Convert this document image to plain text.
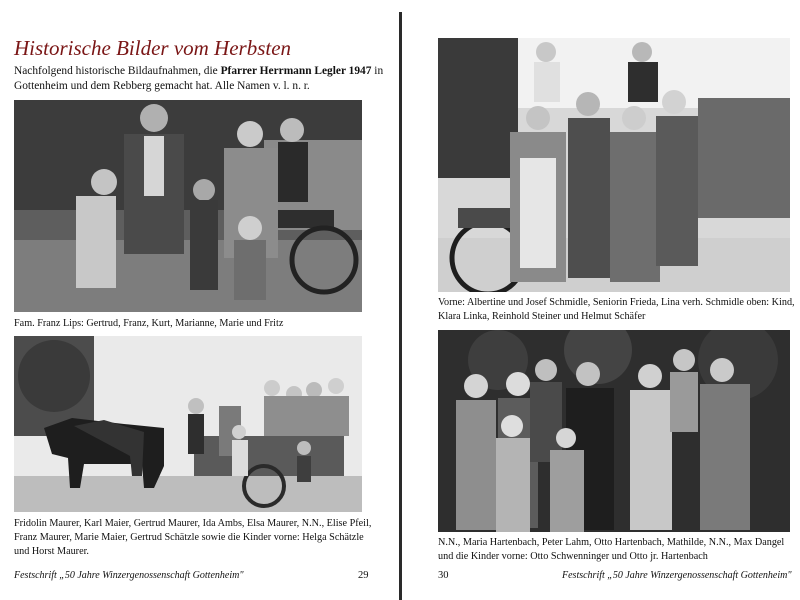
Historische Bilder vom Herbsten
Nachfolgend historische Bildaufnahmen, die Pfarrer Herrmann Legler 1947 in Gottenheim und dem Rebberg gemacht hat. Alle Namen v. l. n. r.
Fam. Franz Lips: Gertrud, Franz, Kurt, Marianne, Marie und Fritz
Fridolin Maurer, Karl Maier, Gertrud Maurer, Ida Ambs, Elsa Maurer, N.N., Elise Pfeil, Franz Maurer, Marie Maier, Gertrud Schätzle sowie die Kinder vorne: Helga Schätzle und Horst Maurer.
Festschrift „50 Jahre Winzergenossenschaft Gottenheim"	29
Vorne: Albertine und Josef Schmidle, Seniorin Frieda, Lina verh. Schmidle oben: Kind, Klara Linka, Reinhold Steiner und Helmut Schäfer
N.N., Maria Hartenbach, Peter Lahm, Otto Hartenbach, Mathilde, N.N., Max Dangel und die Kinder vorne: Otto Schwenninger und Otto jr. Hartenbach
30	Festschrift „50 Jahre Winzergenossenschaft Gottenheim"
